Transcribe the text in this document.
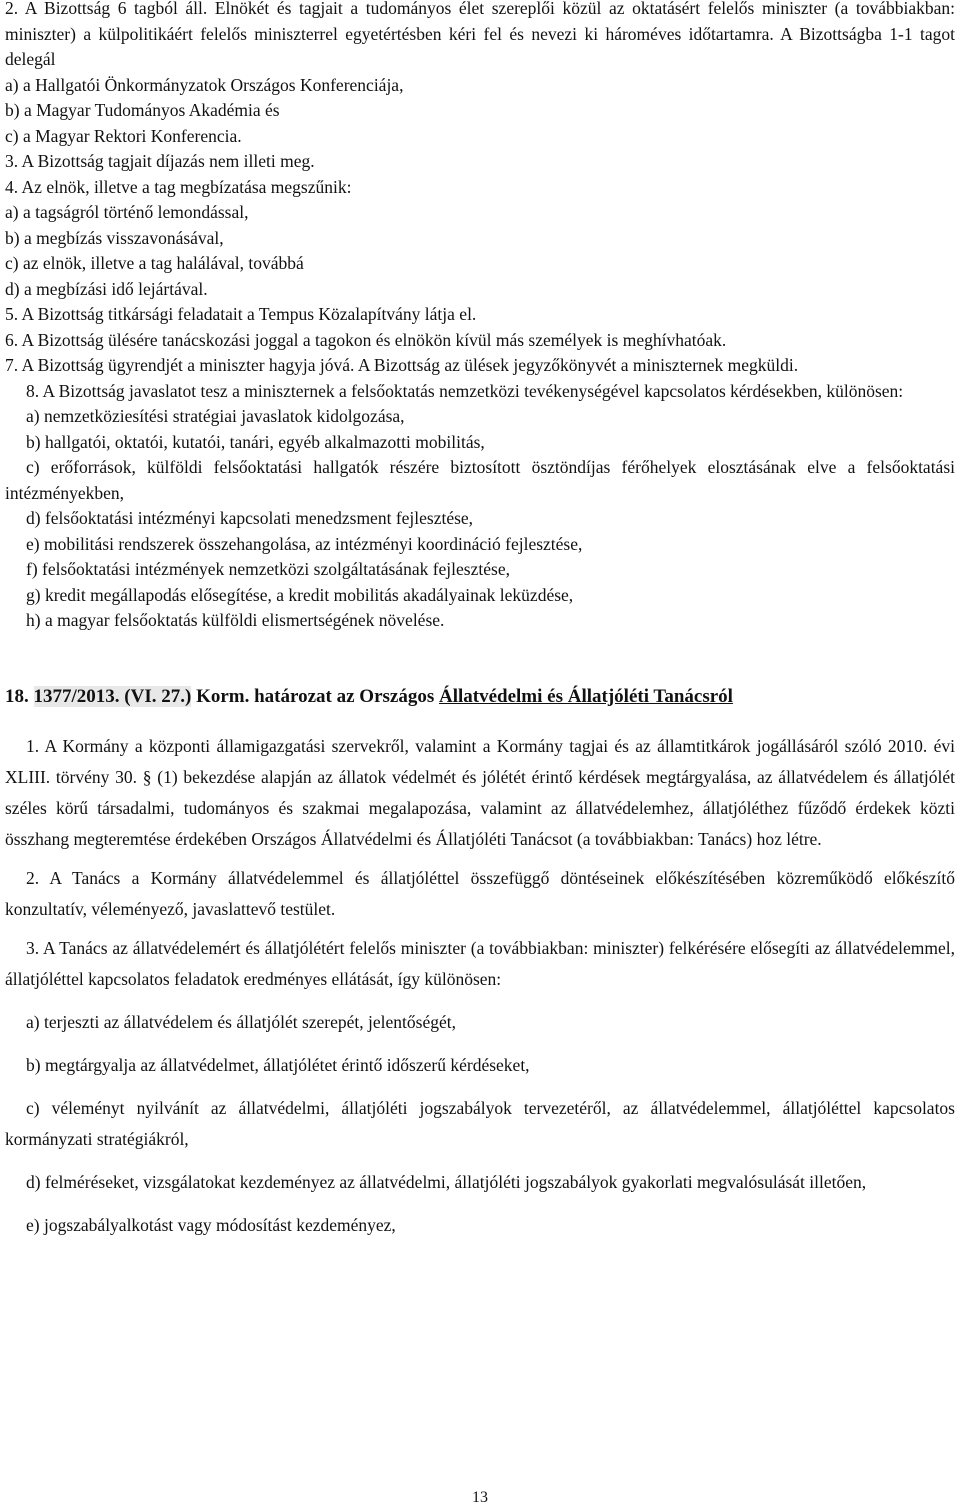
2. A Bizottság 6 tagból áll. Elnökét és tagjait a tudományos élet szereplői közül az oktatásért felelős miniszter (a továbbiakban: miniszter) a külpolitikáért felelős miniszterrel egyetértésben kéri fel és nevezi ki hároméves időtartamra. A Bizottságba 1-1 tagot delegál

a) a Hallgatói Önkormányzatok Országos Konferenciája,

b) a Magyar Tudományos Akadémia és

c) a Magyar Rektori Konferencia.

3. A Bizottság tagjait díjazás nem illeti meg.

4. Az elnök, illetve a tag megbízatása megszűnik:

a) a tagságról történő lemondással,

b) a megbízás visszavonásával,

c) az elnök, illetve a tag halálával, továbbá

d) a megbízási idő lejártával.

5. A Bizottság titkársági feladatait a Tempus Közalapítvány látja el.

6. A Bizottság ülésére tanácskozási joggal a tagokon és elnökön kívül más személyek is meghívhatóak.

7. A Bizottság ügyrendjét a miniszter hagyja jóvá. A Bizottság az ülések jegyzőkönyvét a miniszternek megküldi.

8. A Bizottság javaslatot tesz a miniszternek a felsőoktatás nemzetközi tevékenységével kapcsolatos kérdésekben, különösen:

a) nemzetköziesítési stratégiai javaslatok kidolgozása,

b) hallgatói, oktatói, kutatói, tanári, egyéb alkalmazotti mobilitás,

c) erőforrások, külföldi felsőoktatási hallgatók részére biztosított ösztöndíjas férőhelyek elosztásának elve a felsőoktatási intézményekben,

d) felsőoktatási intézményi kapcsolati menedzsment fejlesztése,

e) mobilitási rendszerek összehangolása, az intézményi koordináció fejlesztése,

f) felsőoktatási intézmények nemzetközi szolgáltatásának fejlesztése,

g) kredit megállapodás elősegítése, a kredit mobilitás akadályainak leküzdése,

h) a magyar felsőoktatás külföldi elismertségének növelése.

18. 1377/2013. (VI. 27.) Korm. határozat az Országos Állatvédelmi és Állatjóléti Tanácsról

1. A Kormány a központi államigazgatási szervekről, valamint a Kormány tagjai és az államtitkárok jogállásáról szóló 2010. évi XLIII. törvény 30. § (1) bekezdése alapján az állatok védelmét és jólétét érintő kérdések megtárgyalása, az állatvédelem és állatjólét széles körű társadalmi, tudományos és szakmai megalapozása, valamint az állatvédelemhez, állatjóléthez fűződő érdekek közti összhang megteremtése érdekében Országos Állatvédelmi és Állatjóléti Tanácsot (a továbbiakban: Tanács) hoz létre.

2. A Tanács a Kormány állatvédelemmel és állatjóléttel összefüggő döntéseinek előkészítésében közreműködő előkészítő konzultatív, véleményező, javaslattevő testület.

3. A Tanács az állatvédelemért és állatjólétért felelős miniszter (a továbbiakban: miniszter) felkérésére elősegíti az állatvédelemmel, állatjóléttel kapcsolatos feladatok eredményes ellátását, így különösen:

a) terjeszti az állatvédelem és állatjólét szerepét, jelentőségét,

b) megtárgyalja az állatvédelmet, állatjólétet érintő időszerű kérdéseket,

c) véleményt nyilvánít az állatvédelmi, állatjóléti jogszabályok tervezetéről, az állatvédelemmel, állatjóléttel kapcsolatos kormányzati stratégiákról,

d) felméréseket, vizsgálatokat kezdeményez az állatvédelmi, állatjóléti jogszabályok gyakorlati megvalósulását illetően,

e) jogszabályalkotást vagy módosítást kezdeményez,

13
